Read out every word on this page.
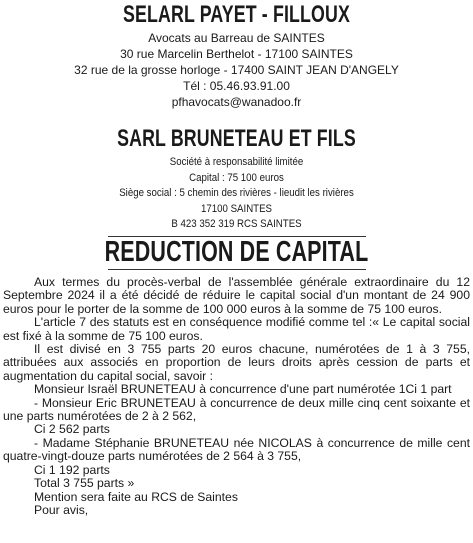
SELARL PAYET - FILLOUX
Avocats au Barreau de SAINTES
30 rue Marcelin Berthelot - 17100 SAINTES
32 rue de la grosse horloge - 17400 SAINT JEAN D'ANGELY
Tél : 05.46.93.91.00
pfhavocats@wanadoo.fr
SARL BRUNETEAU ET FILS
Société à responsabilité limitée
Capital : 75 100 euros
Siège social : 5 chemin des rivières - lieudit les rivières
17100 SAINTES
B 423 352 319 RCS SAINTES
REDUCTION DE CAPITAL

Aux termes du procès-verbal de l'assemblée générale extraordinaire du 12 Septembre 2024 il a été décidé de réduire le capital social d'un montant de 24 900 euros pour le porter de la somme de 100 000 euros à la somme de 75 100 euros.

L'article 7 des statuts est en conséquence modifié comme tel :« Le capital social est fixé à la somme de 75 100 euros.

Il est divisé en 3 755 parts 20 euros chacune, numérotées de 1 à 3 755, attribuées aux associés en proportion de leurs droits après cession de parts et augmentation du capital social, savoir :

Monsieur Israël BRUNETEAU à concurrence d'une part numérotée 1Ci 1 part

- Monsieur Eric BRUNETEAU à concurrence de deux mille cinq cent soixante et une parts numérotées de 2 à 2 562,

Ci 2 562 parts

- Madame Stéphanie BRUNETEAU née NICOLAS à concurrence de mille cent quatre-vingt-douze parts numérotées de 2 564 à 3 755,

Ci 1 192 parts

Total 3 755 parts »

Mention sera faite au RCS de Saintes

Pour avis,
